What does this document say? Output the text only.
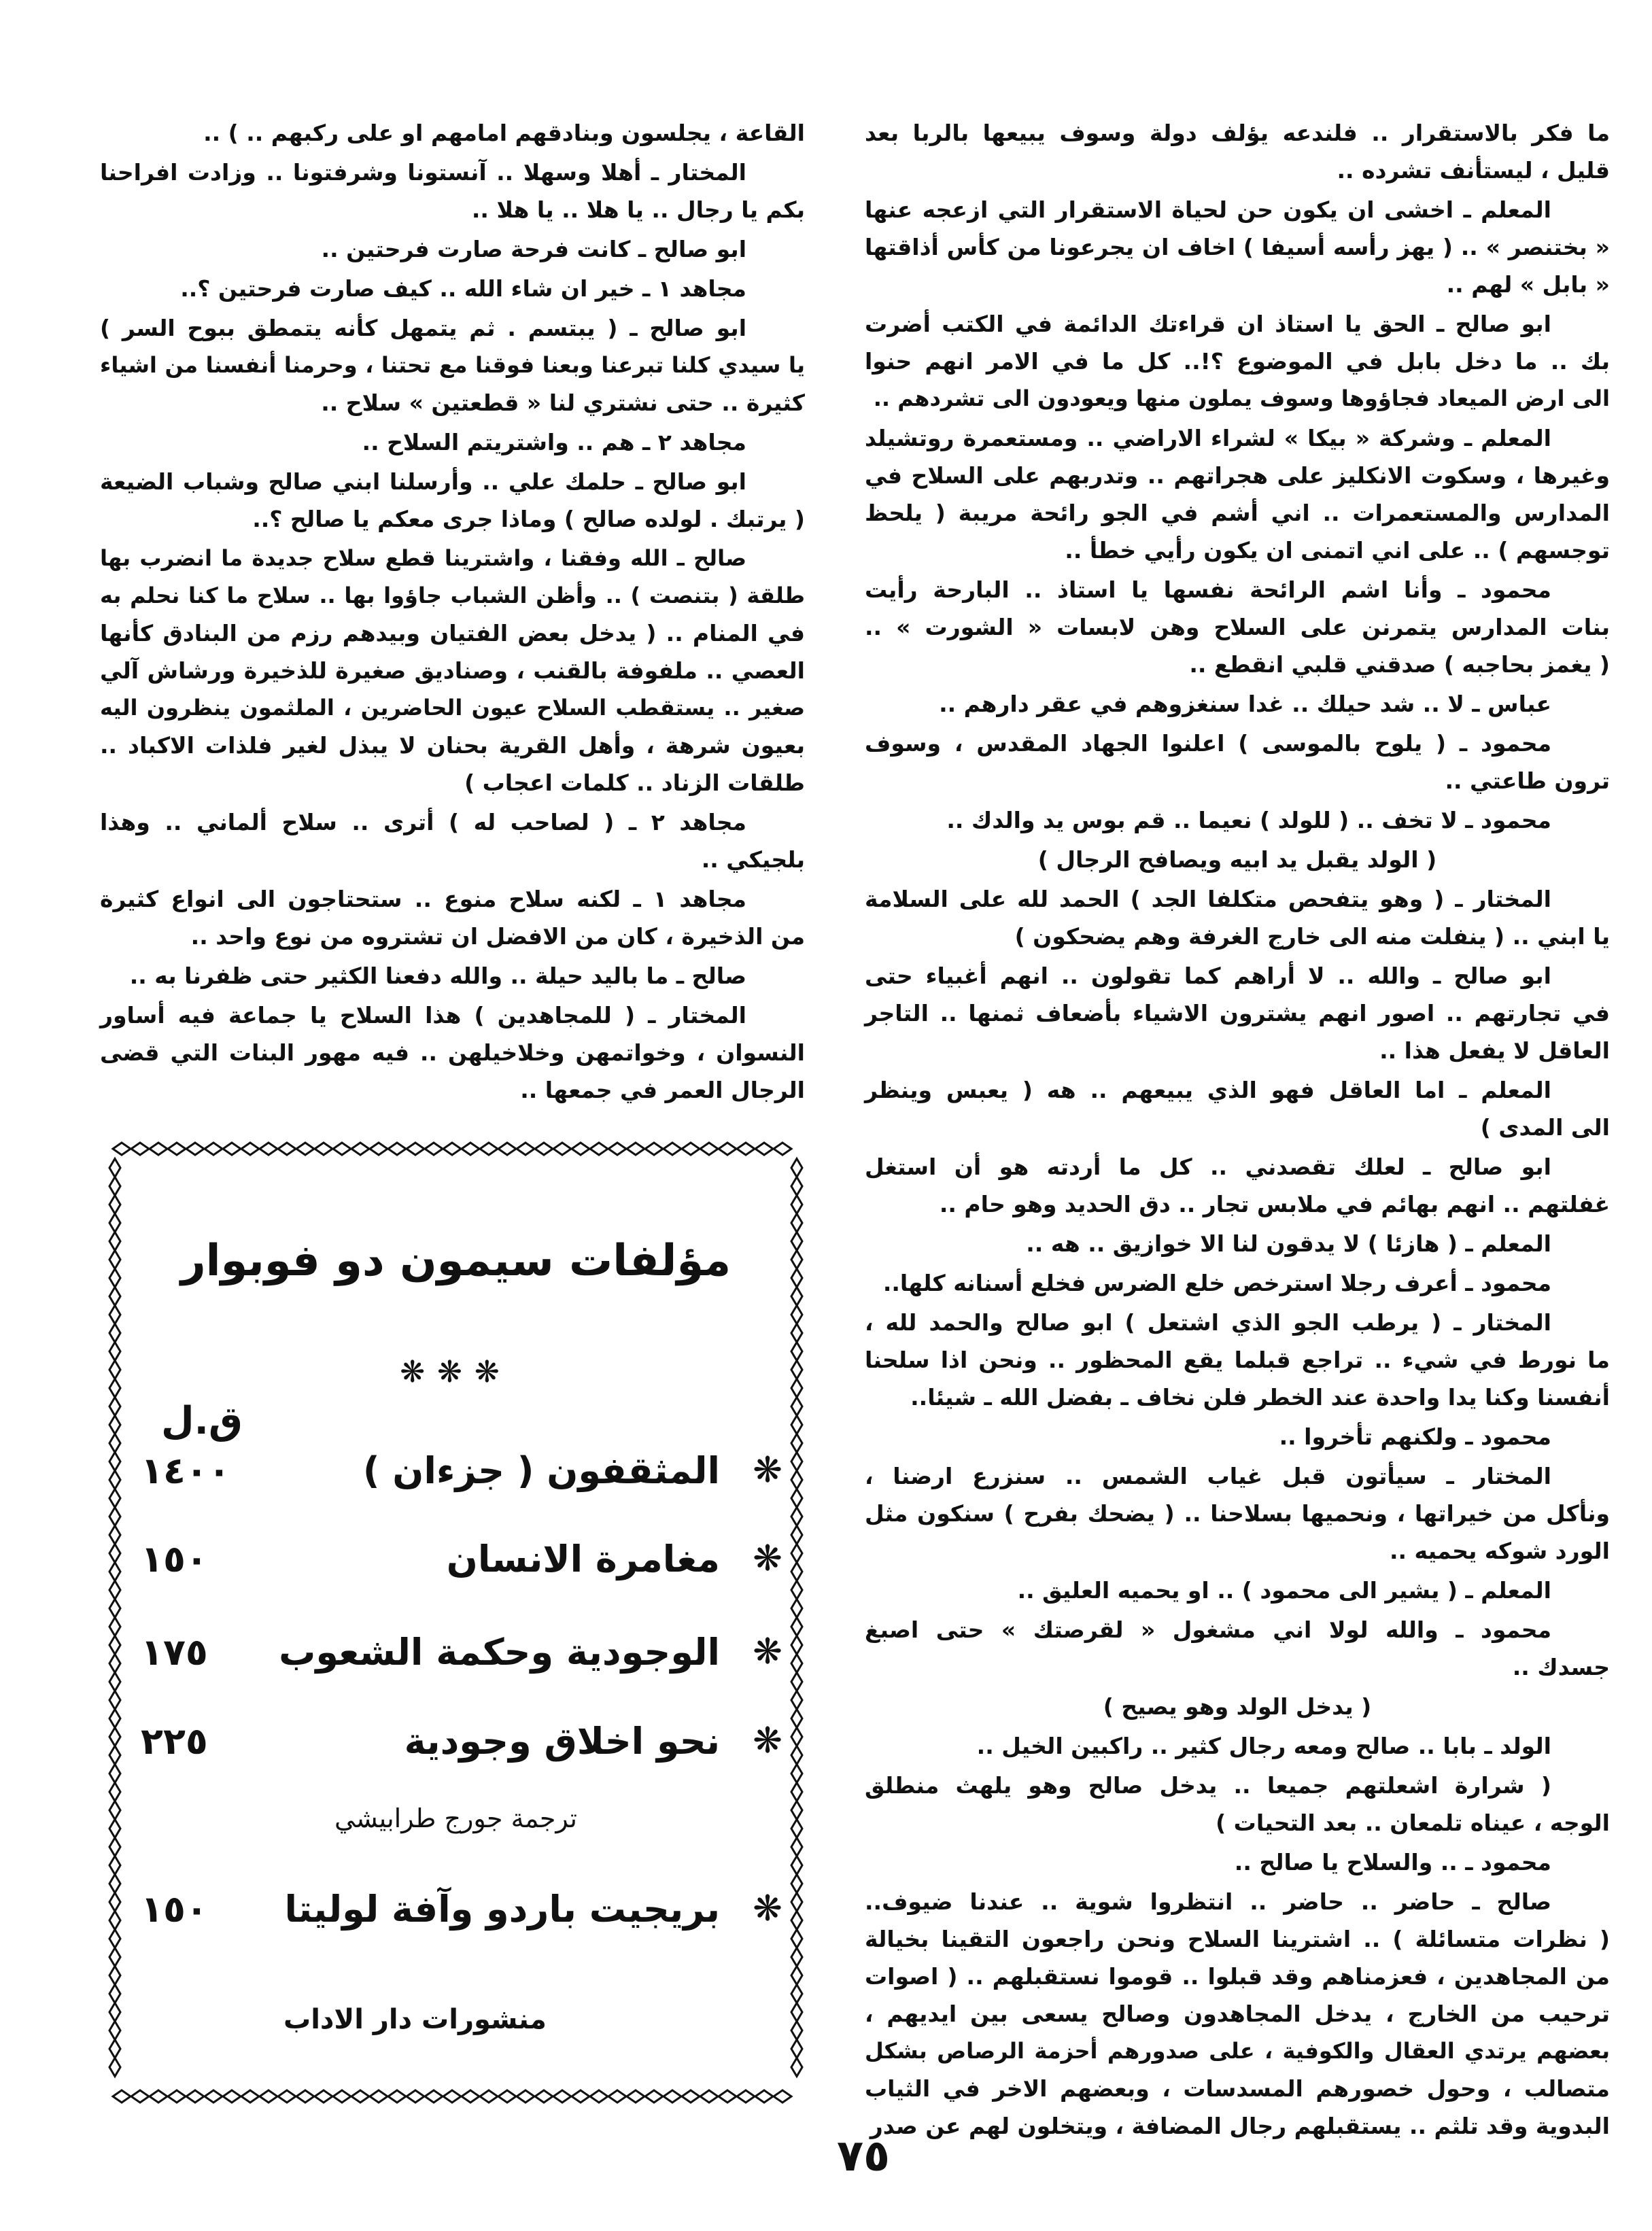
ما فكر بالاستقرار .. فلندعه يؤلف دولة وسوف يبيعها بالربا بعد
قليل ، ليستأنف تشرده ..
المعلم ـ اخشى ان يكون حن لحياة الاستقرار التي ازعجه عنها
« بختنصر » .. ( يهز رأسه أسيفا ) اخاف ان يجرعونا من كأس أذاقتها
« بابل » لهم ..
ابو صالح ـ الحق يا استاذ ان قراءتك الدائمة في الكتب أضرت
بك .. ما دخل بابل في الموضوع ؟!.. كل ما في الامر انهم حنوا
الى ارض الميعاد فجاؤوها وسوف يملون منها ويعودون الى تشردهم ..
المعلم ـ وشركة « بيكا » لشراء الاراضي .. ومستعمرة روتشيلد
وغيرها ، وسكوت الانكليز على هجراتهم .. وتدربهم على السلاح في
المدارس والمستعمرات .. اني أشم في الجو رائحة مريبة ( يلحظ
توجسهم ) .. على اني اتمنى ان يكون رأيي خطأ ..
محمود ـ وأنا اشم الرائحة نفسها يا استاذ .. البارحة رأيت
بنات المدارس يتمرنن على السلاح وهن لابسات « الشورت » ..
( يغمز بحاجبه ) صدقني قلبي انقطع ..
عباس ـ لا .. شد حيلك .. غدا سنغزوهم في عقر دارهم ..
محمود ـ ( يلوح بالموسى ) اعلنوا الجهاد المقدس ، وسوف
ترون طاعتي ..
محمود ـ لا تخف .. ( للولد ) نعيما .. قم بوس يد والدك ..
( الولد يقبل يد ابيه ويصافح الرجال )
المختار ـ ( وهو يتفحص متكلفا الجد ) الحمد لله على السلامة
يا ابني .. ( ينفلت منه الى خارج الغرفة وهم يضحكون )
ابو صالح ـ والله .. لا أراهم كما تقولون .. انهم أغبياء حتى
في تجارتهم .. اصور انهم يشترون الاشياء بأضعاف ثمنها .. التاجر
العاقل لا يفعل هذا ..
المعلم ـ اما العاقل فهو الذي يبيعهم .. هه ( يعبس وينظر
الى المدى )
ابو صالح ـ لعلك تقصدني .. كل ما أردته هو أن استغل
غفلتهم .. انهم بهائم في ملابس تجار .. دق الحديد وهو حام ..
المعلم ـ ( هازئا ) لا يدقون لنا الا خوازيق .. هه ..
محمود ـ أعرف رجلا استرخص خلع الضرس فخلع أسنانه كلها..
المختار ـ ( يرطب الجو الذي اشتعل ) ابو صالح والحمد لله ،
ما نورط في شيء .. تراجع قبلما يقع المحظور .. ونحن اذا سلحنا
أنفسنا وكنا يدا واحدة عند الخطر فلن نخاف ـ بفضل الله ـ شيئا..
محمود ـ ولكنهم تأخروا ..
المختار ـ سيأتون قبل غياب الشمس .. سنزرع ارضنا ،
ونأكل من خيراتها ، ونحميها بسلاحنا .. ( يضحك بفرح ) سنكون مثل
الورد شوكه يحميه ..
المعلم ـ ( يشير الى محمود ) .. او يحميه العليق ..
محمود ـ والله لولا اني مشغول « لقرصتك » حتى اصبغ
جسدك ..
( يدخل الولد وهو يصيح )
الولد ـ بابا .. صالح ومعه رجال كثير .. راكبين الخيل ..
( شرارة اشعلتهم جميعا .. يدخل صالح وهو يلهث منطلق
الوجه ، عيناه تلمعان .. بعد التحيات )
محمود ـ .. والسلاح يا صالح ..
صالح ـ حاضر .. حاضر .. انتظروا شوية .. عندنا ضيوف..
( نظرات متسائلة ) .. اشترينا السلاح ونحن راجعون التقينا بخيالة
من المجاهدين ، فعزمناهم وقد قبلوا .. قوموا نستقبلهم .. ( اصوات
ترحيب من الخارج ، يدخل المجاهدون وصالح يسعى بين ايديهم ،
بعضهم يرتدي العقال والكوفية ، على صدورهم أحزمة الرصاص بشكل
متصالب ، وحول خصورهم المسدسات ، وبعضهم الاخر في الثياب
البدوية وقد تلثم .. يستقبلهم رجال المضافة ، ويتخلون لهم عن صدر
القاعة ، يجلسون وبنادقهم امامهم او على ركبهم .. ) ..
المختار ـ أهلا وسهلا .. آنستونا وشرفتونا .. وزادت افراحنا
بكم يا رجال .. يا هلا .. يا هلا ..
ابو صالح ـ كانت فرحة صارت فرحتين ..
مجاهد ١ ـ خير ان شاء الله .. كيف صارت فرحتين ؟..
ابو صالح ـ ( يبتسم . ثم يتمهل كأنه يتمطق ببوح السر )
يا سيدي كلنا تبرعنا وبعنا فوقنا مع تحتنا ، وحرمنا أنفسنا من اشياء
كثيرة .. حتى نشتري لنا « قطعتين » سلاح ..
مجاهد ٢ ـ هم .. واشتريتم السلاح ..
ابو صالح ـ حلمك علي .. وأرسلنا ابني صالح وشباب الضيعة
( يرتبك . لولده صالح ) وماذا جرى معكم يا صالح ؟..
صالح ـ الله وفقنا ، واشترينا قطع سلاح جديدة ما انضرب بها
طلقة ( بتنصت ) .. وأظن الشباب جاؤوا بها .. سلاح ما كنا نحلم به
في المنام .. ( يدخل بعض الفتيان وبيدهم رزم من البنادق كأنها
العصي .. ملفوفة بالقنب ، وصناديق صغيرة للذخيرة ورشاش آلي
صغير .. يستقطب السلاح عيون الحاضرين ، الملثمون ينظرون اليه
بعيون شرهة ، وأهل القرية بحنان لا يبذل لغير فلذات الاكباد ..
طلقات الزناد .. كلمات اعجاب )
مجاهد ٢ ـ ( لصاحب له ) أترى .. سلاح ألماني .. وهذا
بلجيكي ..
مجاهد ١ ـ لكنه سلاح منوع .. ستحتاجون الى انواع كثيرة
من الذخيرة ، كان من الافضل ان تشتروه من نوع واحد ..
صالح ـ ما باليد حيلة .. والله دفعنا الكثير حتى ظفرنا به ..
المختار ـ ( للمجاهدين ) هذا السلاح يا جماعة فيه أساور
النسوان ، وخواتمهن وخلاخيلهن .. فيه مهور البنات التي قضى
الرجال العمر في جمعها ..
مؤلفات سيمون دو فوبوار
❋❋❋
ق.ل
❋
المثقفون ( جزءان )
١٤٠٠
❋
مغامرة الانسان
١٥٠
❋
الوجودية وحكمة الشعوب
١٧٥
❋
نحو اخلاق وجودية
٢٢٥
ترجمة جورج طرابيشي
❋
بريجيت باردو وآفة لوليتا
١٥٠
منشورات دار الاداب
٧٥
